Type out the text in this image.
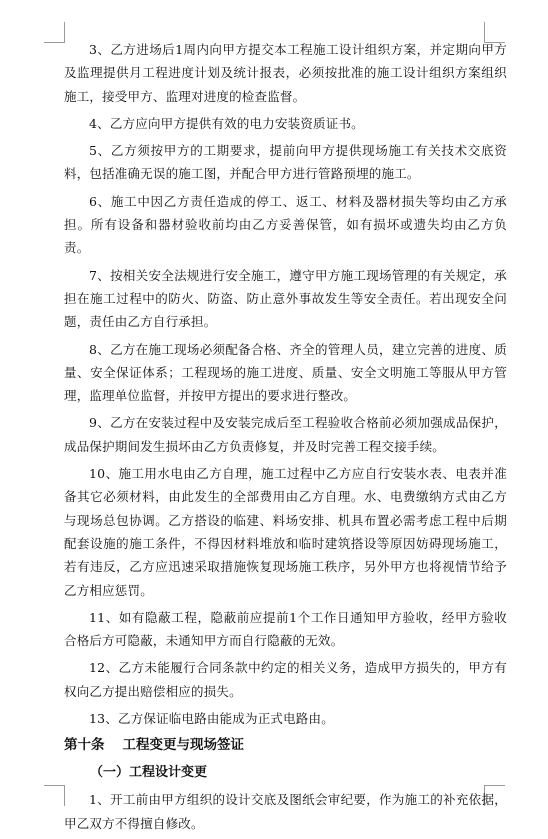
3、乙方进场后1周内向甲方提交本工程施工设计组织方案，并定期向甲方及监理提供月工程进度计划及统计报表，必须按批准的施工设计组织方案组织施工，接受甲方、监理对进度的检查监督。

4、乙方应向甲方提供有效的电力安装资质证书。

5、乙方须按甲方的工期要求，提前向甲方提供现场施工有关技术交底资料，包括准确无误的施工图，并配合甲方进行管路预埋的施工。

6、施工中因乙方责任造成的停工、返工、材料及器材损失等均由乙方承担。所有设备和器材验收前均由乙方妥善保管，如有损坏或遗失均由乙方负责。

7、按相关安全法规进行安全施工，遵守甲方施工现场管理的有关规定，承担在施工过程中的防火、防盗、防止意外事故发生等安全责任。若出现安全问题，责任由乙方自行承担。

8、乙方在施工现场必须配备合格、齐全的管理人员，建立完善的进度、质量、安全保证体系；工程现场的施工进度、质量、安全文明施工等服从甲方管理，监理单位监督，并按甲方提出的要求进行整改。

9、乙方在安装过程中及安装完成后至工程验收合格前必须加强成品保护，成品保护期间发生损坏由乙方负责修复，并及时完善工程交接手续。

10、施工用水电由乙方自理，施工过程中乙方应自行安装水表、电表并准备其它必须材料，由此发生的全部费用由乙方自理。水、电费缴纳方式由乙方与现场总包协调。乙方搭设的临建、料场安排、机具布置必需考虑工程中后期配套设施的施工条件，不得因材料堆放和临时建筑搭设等原因妨碍现场施工，若有违反，乙方应迅速采取措施恢复现场施工秩序，另外甲方也将视情节给予乙方相应惩罚。

11、如有隐蔽工程，隐蔽前应提前1个工作日通知甲方验收，经甲方验收合格后方可隐蔽，未通知甲方而自行隐蔽的无效。

12、乙方未能履行合同条款中约定的相关义务，造成甲方损失的，甲方有权向乙方提出赔偿相应的损失。

13、乙方保证临电路由能成为正式电路由。

第十条 工程变更与现场签证

（一）工程设计变更

1、开工前由甲方组织的设计交底及图纸会审纪要，作为施工的补充依据，甲乙双方不得擅自修改。
